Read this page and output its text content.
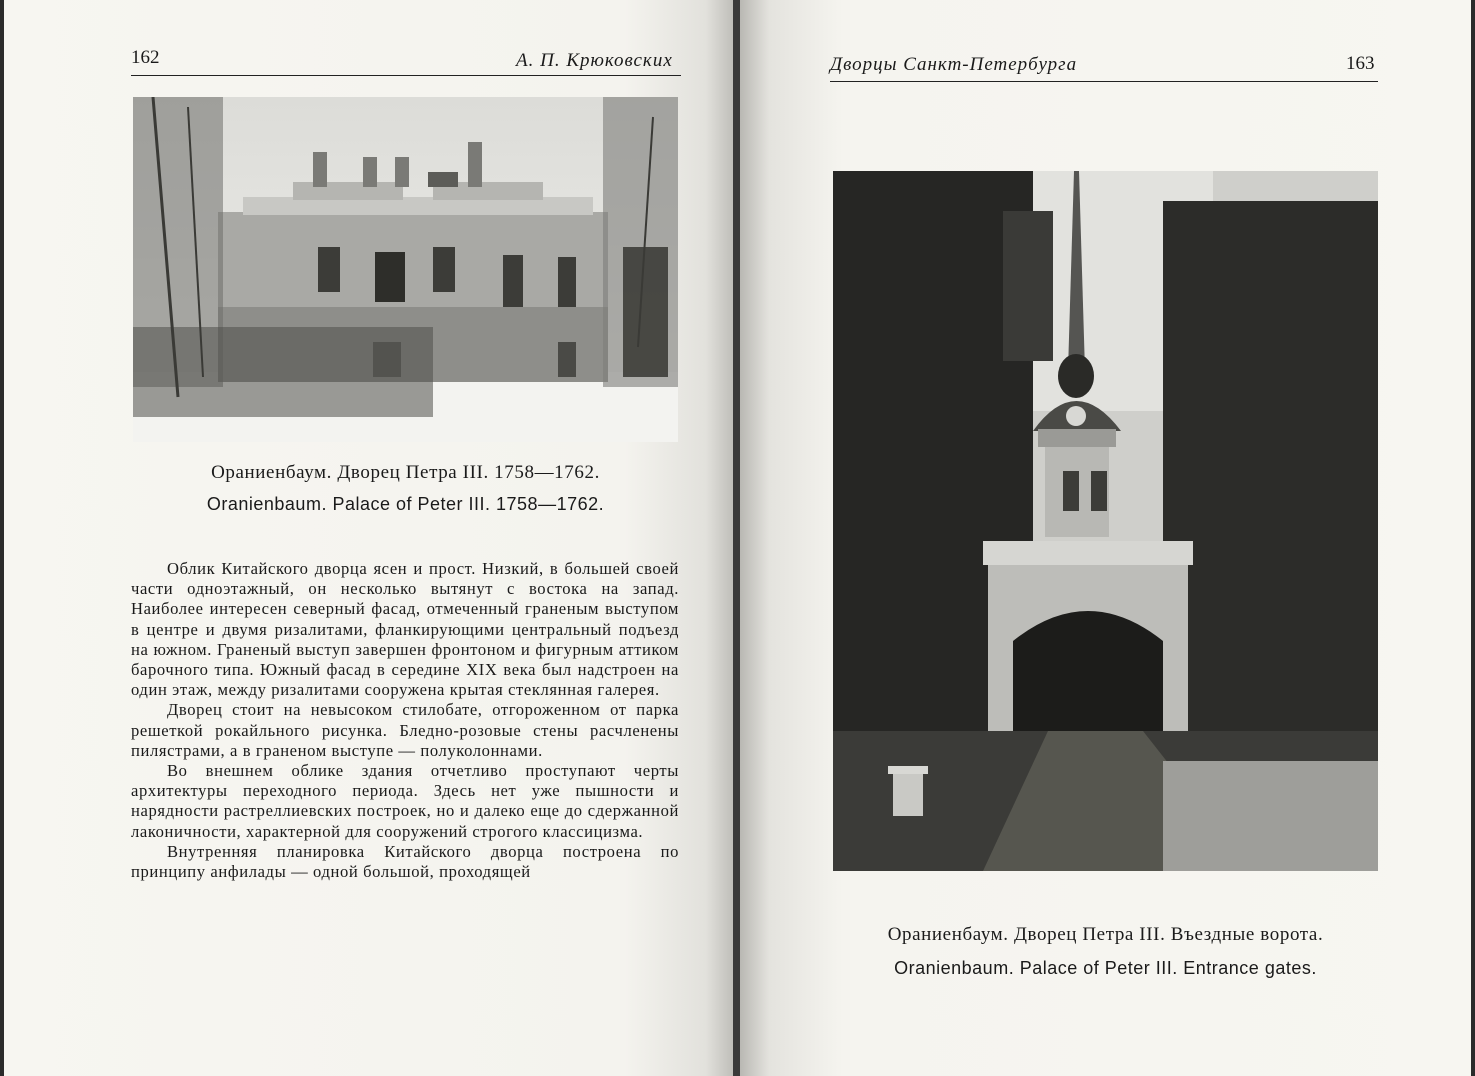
162	А. П. Крюковских
Ораниенбаум. Дворец Петра III. 1758—1762.
Oranienbaum. Palace of Peter III. 1758—1762.

Облик Китайского дворца ясен и прост. Низкий, в большей своей части одноэтажный, он несколько вытянут с востока на запад. Наиболее интересен северный фасад, отмеченный граненым выступом в центре и двумя ризалитами, фланкирующими центральный подъезд на южном. Граненый выступ завершен фронтоном и фигурным аттиком барочного типа. Южный фасад в середине XIX века был надстроен на один этаж, между ризалитами сооружена крытая стеклянная галерея.

Дворец стоит на невысоком стилобате, отгороженном от парка решеткой рокайльного рисунка. Бледно-розовые стены расчленены пилястрами, а в граненом выступе — полуколоннами.

Во внешнем облике здания отчетливо проступают черты архитектуры переходного периода. Здесь нет уже пышности и нарядности растреллиевских построек, но и далеко еще до сдержанной лаконичности, характерной для сооружений строгого классицизма.

Внутренняя планировка Китайского дворца построена по принципу анфилады — одной большой, проходящей

Дворцы Санкт-Петербурга	163
Ораниенбаум. Дворец Петра III. Въездные ворота.
Oranienbaum. Palace of Peter III. Entrance gates.
